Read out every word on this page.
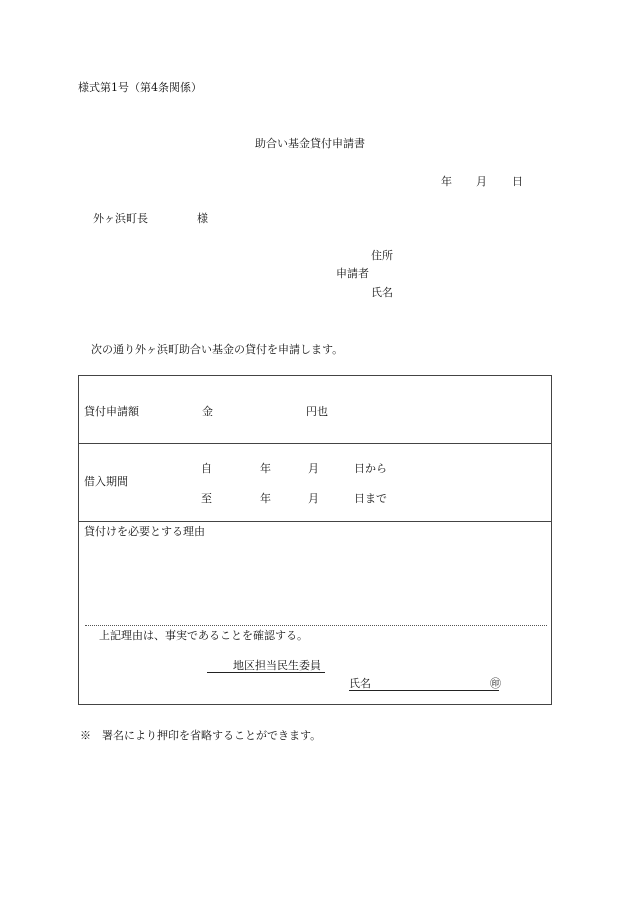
様式第1号（第4条関係）
助合い基金貸付申請書
年 月 日
外ヶ浜町長	様
住所
申請者
氏名
次の通り外ヶ浜町助合い基金の貸付を申請します。
貸付申請額	金	円也
借入期間
自	年	月	日から
至	年	月	日まで
貸付けを必要とする理由
上記理由は、事実であることを確認する。
地区担当民生委員
氏名	㊞
※　署名により押印を省略することができます。
